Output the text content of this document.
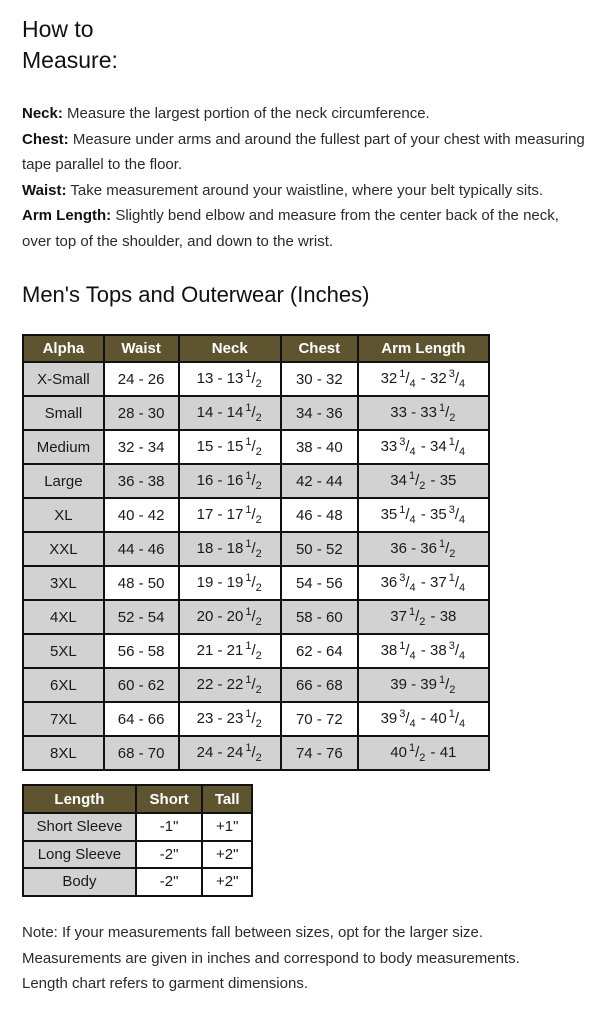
How to
Measure:

Neck: Measure the largest portion of the neck circumference.

Chest: Measure under arms and around the fullest part of your chest with measuring tape parallel to the floor.

Waist: Take measurement around your waistline, where your belt typically sits.

Arm Length: Slightly bend elbow and measure from the center back of the neck, over top of the shoulder, and down to the wrist.

Men's Tops and Outerwear (Inches)
Alpha	Waist	Neck	Chest	Arm Length
X-Small	24 - 26	13 - 13 $^1/_2$	30 - 32	32 $^1/_4 - 32$ $^3/_4$
Small	28 - 30	14 - 14 $^1/_2$	34 - 36	33 - 33 $^1/_2$
Medium	32 - 34	15 - 15 $^1/_2$	38 - 40	33 $^3/_4 - 34$ $^1/_4$
Large	36 - 38	16 - 16 $^1/_2$	42 - 44	34 $^1/_2 - 35$
XL	40 - 42	17 - 17 $^1/_2$	46 - 48	35 $^1/_4 - 35$ $^3/_4$
XXL	44 - 46	18 - 18 $^1/_2$	50 - 52	36 - 36 $^1/_2$
3XL	48 - 50	19 - 19 $^1/_2$	54 - 56	36 $^3/_4 - 37$ $^1/_4$
4XL	52 - 54	20 - 20 $^1/_2$	58 - 60	37 $^1/_2 - 38$
5XL	56 - 58	21 - 21 $^1/_2$	62 - 64	38 $^1/_4 - 38$ $^3/_4$
6XL	60 - 62	22 - 22 $^1/_2$	66 - 68	39 - 39 $^1/_2$
7XL	64 - 66	23 - 23 $^1/_2$	70 - 72	39 $^3/_4 - 40$ $^1/_4$
8XL	68 - 70	24 - 24 $^1/_2$	74 - 76	40 $^1/_2 - 41$
Length	Short	Tall
Short Sleeve	-1"	+1"
Long Sleeve	-2"	+2"
Body	-2"	+2"

Note: If your measurements fall between sizes, opt for the larger size.

Measurements are given in inches and correspond to body measurements.

Length chart refers to garment dimensions.
